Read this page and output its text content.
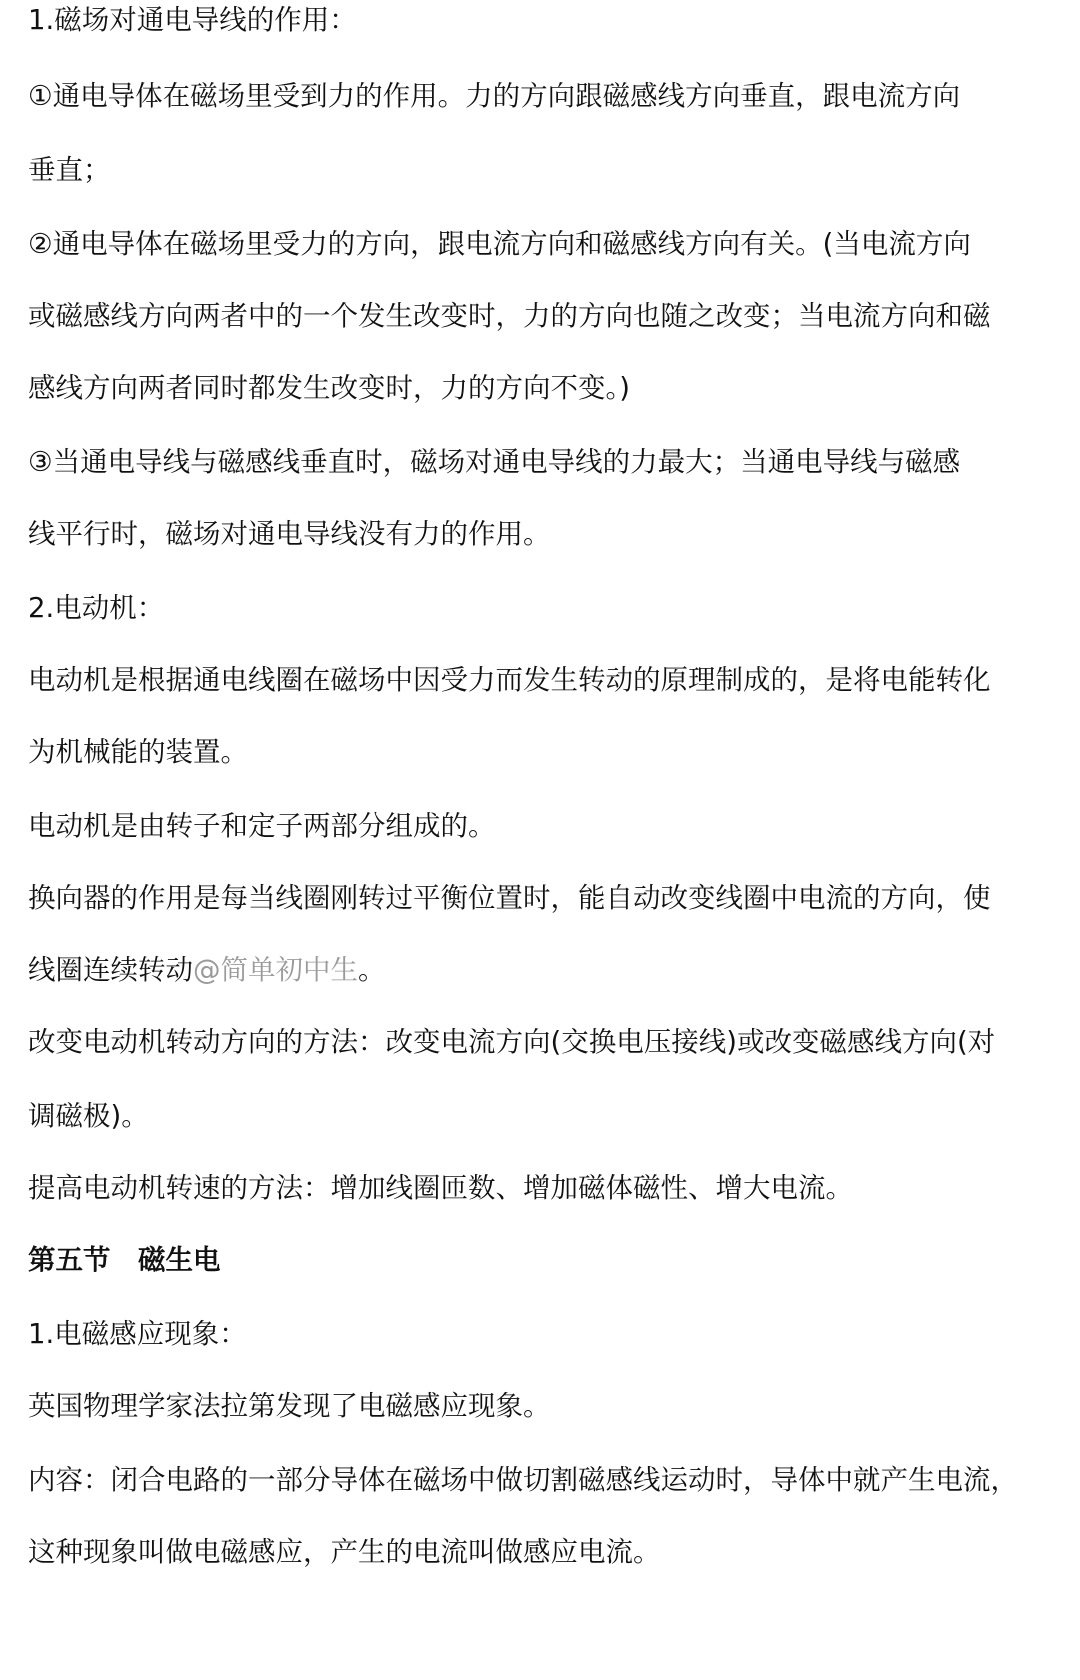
1.磁场对通电导线的作用：
①通电导体在磁场里受到力的作用。力的方向跟磁感线方向垂直，跟电流方向
垂直；
②通电导体在磁场里受力的方向，跟电流方向和磁感线方向有关。(当电流方向
或磁感线方向两者中的一个发生改变时，力的方向也随之改变；当电流方向和磁
感线方向两者同时都发生改变时，力的方向不变。)
③当通电导线与磁感线垂直时，磁场对通电导线的力最大；当通电导线与磁感
线平行时，磁场对通电导线没有力的作用。
2.电动机：
电动机是根据通电线圈在磁场中因受力而发生转动的原理制成的，是将电能转化
为机械能的装置。
电动机是由转子和定子两部分组成的。
换向器的作用是每当线圈刚转过平衡位置时，能自动改变线圈中电流的方向，使
线圈连续转动@简单初中生。
改变电动机转动方向的方法：改变电流方向(交换电压接线)或改变磁感线方向(对
调磁极)。
提高电动机转速的方法：增加线圈匝数、增加磁体磁性、增大电流。
第五节　磁生电
1.电磁感应现象：
英国物理学家法拉第发现了电磁感应现象。
内容：闭合电路的一部分导体在磁场中做切割磁感线运动时，导体中就产生电流，
这种现象叫做电磁感应，产生的电流叫做感应电流。
